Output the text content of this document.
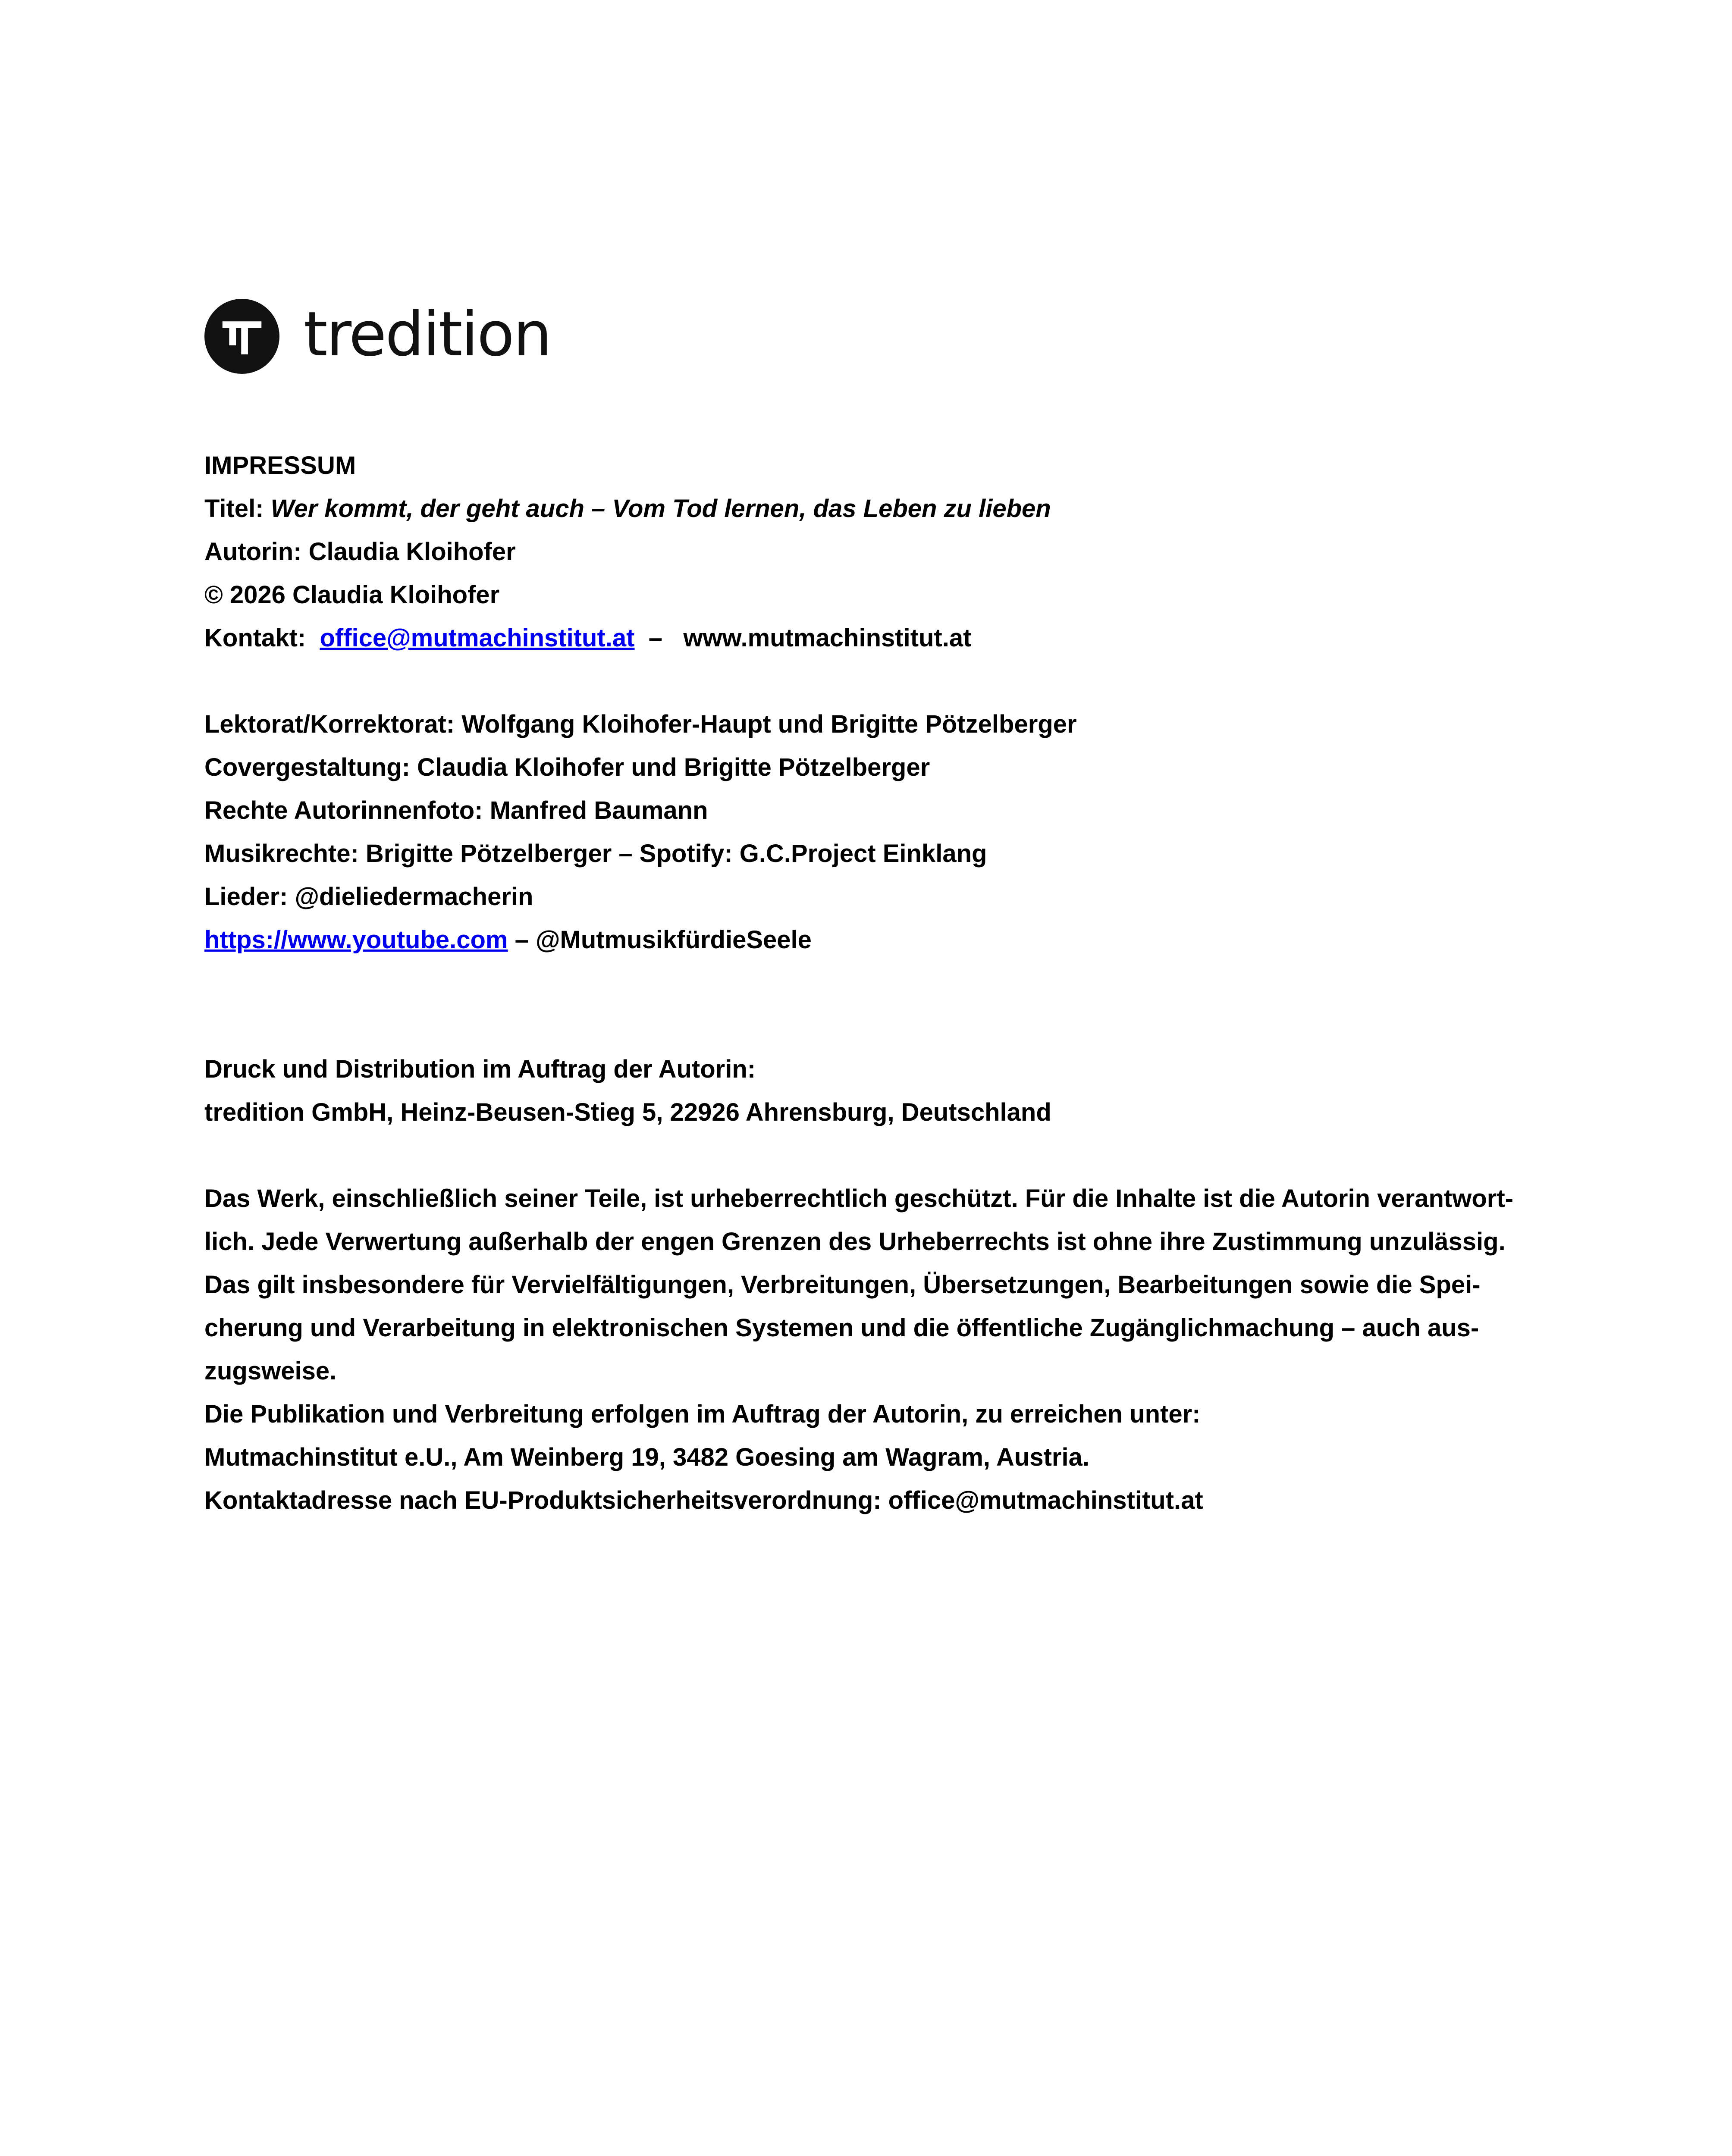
tredition
IMPRESSUM
Titel: Wer kommt, der geht auch – Vom Tod lernen, das Leben zu lieben
Autorin: Claudia Kloihofer
© 2026 Claudia Kloihofer
Kontakt: office@mutmachinstitut.at – www.mutmachinstitut.at
Lektorat/Korrektorat: Wolfgang Kloihofer-Haupt und Brigitte Pötzelberger
Covergestaltung: Claudia Kloihofer und Brigitte Pötzelberger
Rechte Autorinnenfoto: Manfred Baumann
Musikrechte: Brigitte Pötzelberger – Spotify: G.C.Project Einklang
Lieder: @dieliedermacherin
https://www.youtube.com – @MutmusikfürdieSeele
Druck und Distribution im Auftrag der Autorin:
tredition GmbH, Heinz-Beusen-Stieg 5, 22926 Ahrensburg, Deutschland
Das Werk, einschließlich seiner Teile, ist urheberrechtlich geschützt. Für die Inhalte ist die Autorin verantwort-
lich. Jede Verwertung außerhalb der engen Grenzen des Urheberrechts ist ohne ihre Zustimmung unzulässig.
Das gilt insbesondere für Vervielfältigungen, Verbreitungen, Übersetzungen, Bearbeitungen sowie die Spei-
cherung und Verarbeitung in elektronischen Systemen und die öffentliche Zugänglichmachung – auch aus-
zugsweise.
Die Publikation und Verbreitung erfolgen im Auftrag der Autorin, zu erreichen unter:
Mutmachinstitut e.U., Am Weinberg 19, 3482 Goesing am Wagram, Austria.
Kontaktadresse nach EU-Produktsicherheitsverordnung: office@mutmachinstitut.at
